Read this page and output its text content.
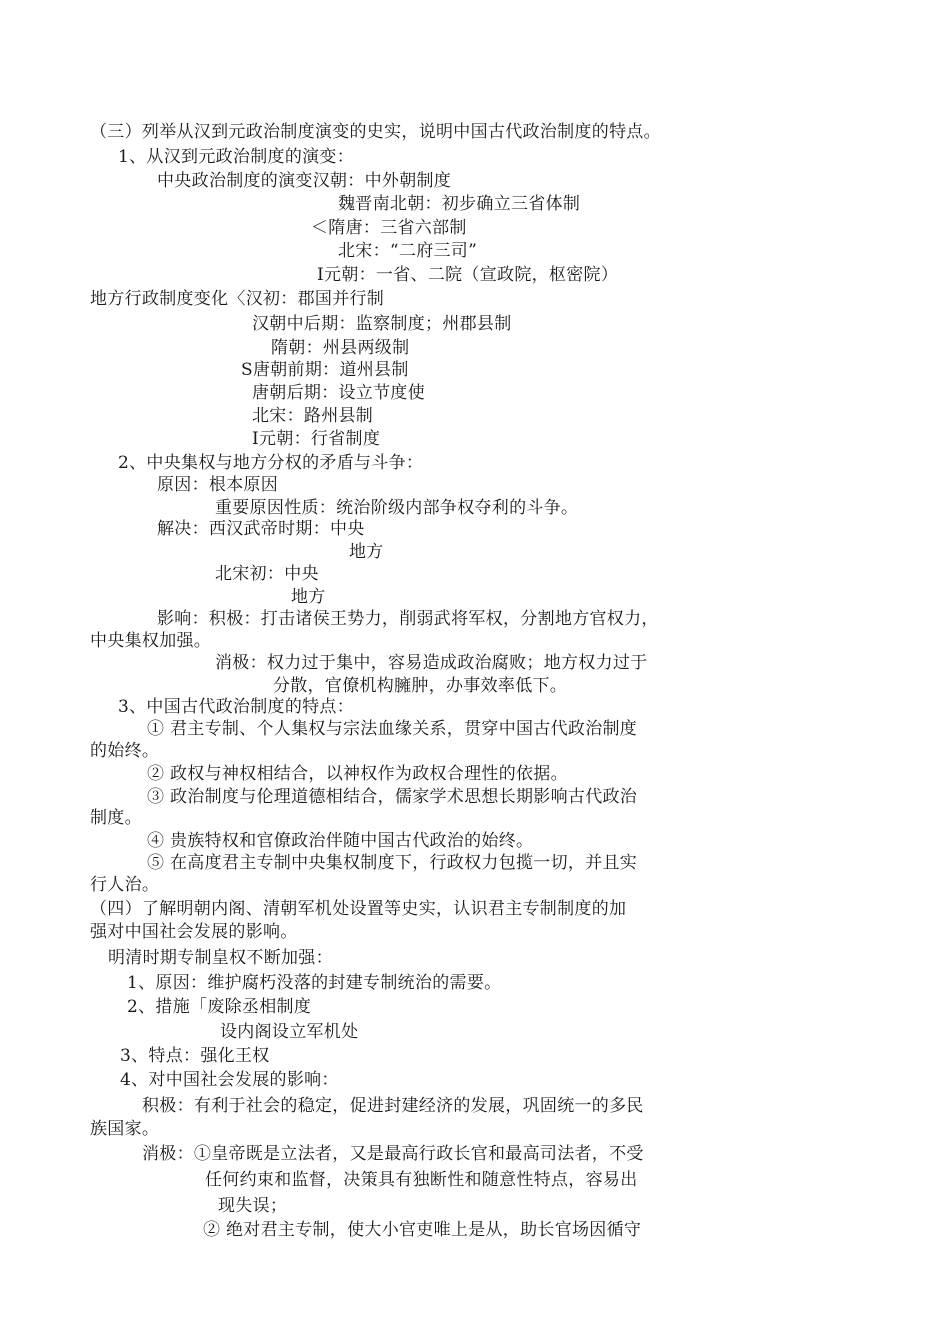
（三）列举从汉到元政治制度演变的史实，说明中国古代政治制度的特点。
1、从汉到元政治制度的演变：
中央政治制度的演变汉朝：中外朝制度
魏晋南北朝：初步确立三省体制
＜隋唐：三省六部制
北宋：“二府三司”
I元朝：一省、二院（宣政院，枢密院）
地方行政制度变化〈汉初：郡国并行制
汉朝中后期：监察制度；州郡县制
隋朝：州县两级制
S唐朝前期：道州县制
唐朝后期：设立节度使
北宋：路州县制
I元朝：行省制度
2、中央集权与地方分权的矛盾与斗争：
原因：根本原因
重要原因性质：统治阶级内部争权夺利的斗争。
解决：西汉武帝时期：中央
地方
北宋初：中央
地方
影响：积极：打击诸侯王势力，削弱武将军权，分割地方官权力，
中央集权加强。
消极：权力过于集中，容易造成政治腐败；地方权力过于
分散，官僚机构臃肿，办事效率低下。
3、中国古代政治制度的特点：
① 君主专制、个人集权与宗法血缘关系，贯穿中国古代政治制度
的始终。
② 政权与神权相结合，以神权作为政权合理性的依据。
③ 政治制度与伦理道德相结合，儒家学术思想长期影响古代政治
制度。
④ 贵族特权和官僚政治伴随中国古代政治的始终。
⑤ 在高度君主专制中央集权制度下，行政权力包揽一切，并且实
行人治。
（四）了解明朝内阁、清朝军机处设置等史实，认识君主专制制度的加
强对中国社会发展的影响。
明清时期专制皇权不断加强：
1、原因：维护腐朽没落的封建专制统治的需要。
2、措施「废除丞相制度
设内阁设立军机处
3、特点：强化王权
4、对中国社会发展的影响：
积极：有利于社会的稳定，促进封建经济的发展，巩固统一的多民
族国家。
消极：①皇帝既是立法者，又是最高行政长官和最高司法者，不受
任何约束和监督，决策具有独断性和随意性特点，容易出
现失误；
② 绝对君主专制，使大小官吏唯上是从，助长官场因循守
